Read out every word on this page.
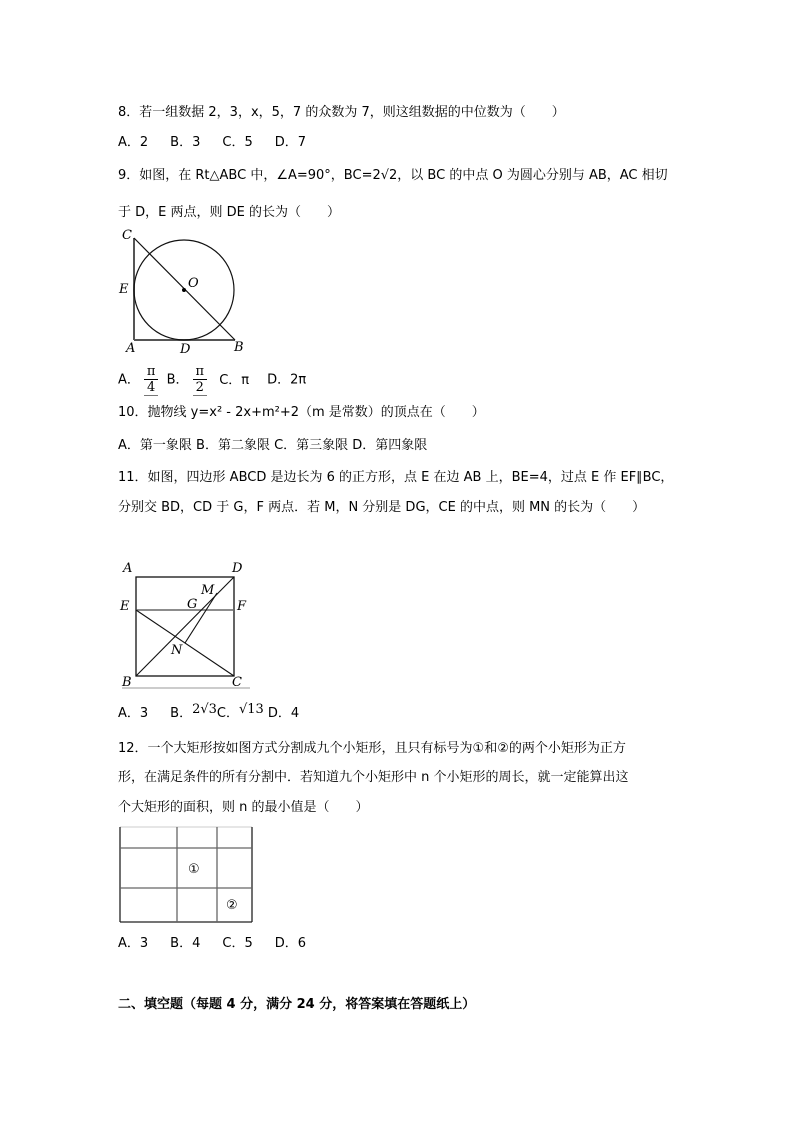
8．若一组数据 2，3，x，5，7 的众数为 7，则这组数据的中位数为（　　）
A．2 B．3 C．5 D．7
9．如图，在 Rt△ABC 中，∠A=90°，BC=2√2，以 BC 的中点 O 为圆心分别与 AB，AC 相切
于 D，E 两点，则 DE 的长为（　　）
C
E	O
A	D	B
A． $\frac{\pi}{4}$ B． $\frac{\pi}{2}$ C．π D．2π
10．抛物线 y=x² - 2x+m²+2（m 是常数）的顶点在（　　）
A．第一象限 B．第二象限 C．第三象限 D．第四象限
11．如图，四边形 ABCD 是边长为 6 的正方形，点 E 在边 AB 上，BE=4，过点 E 作 EF∥BC，
分别交 BD，CD 于 G，F 两点．若 M，N 分别是 DG，CE 的中点，则 MN 的长为（　　）
A	D
E	F
G
M
N
B	C
A．3 B．2√3C．√13 D．4
12．一个大矩形按如图方式分割成九个小矩形，且只有标号为①和②的两个小矩形为正方
形，在满足条件的所有分割中．若知道九个小矩形中 n 个小矩形的周长，就一定能算出这
个大矩形的面积，则 n 的最小值是（　　）
①
②
A．3 B．4 C．5 D．6
二、填空题（每题 4 分，满分 24 分，将答案填在答题纸上）
